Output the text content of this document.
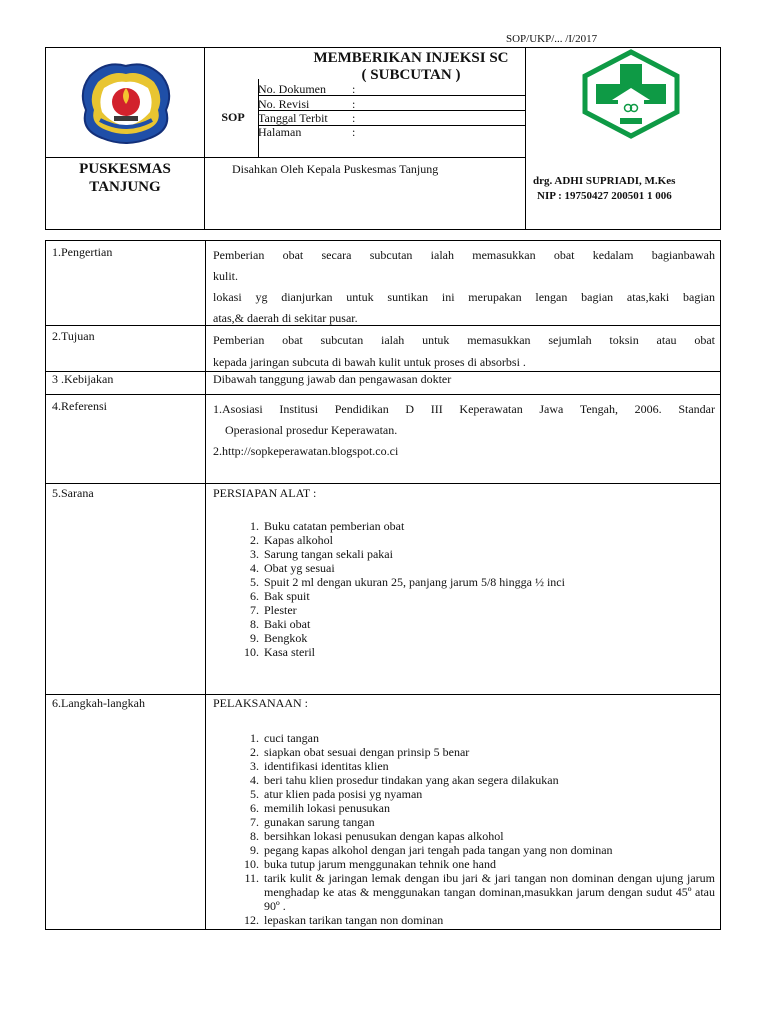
SOP/UKP/... /I/2017
MEMBERIKAN INJEKSI SC
( SUBCUTAN )
SOP
No. Dokumen :
No. Revisi	:
Tanggal Terbit :
Halaman	:
PUSKESMAS
TANJUNG
Disahkan Oleh Kepala Puskesmas Tanjung
drg. ADHI SUPRIADI, M.Kes
NIP : 19750427 200501 1 006
1.Pengertian	Pemberian obat secara subcutan ialah memasukkan obat kedalam bagianbawah
kulit.
lokasi yg dianjurkan untuk suntikan ini merupakan lengan bagian atas,kaki bagian
atas,& daerah di sekitar pusar.
2.Tujuan	Pemberian obat subcutan ialah untuk memasukkan sejumlah toksin atau obat
kepada jaringan subcuta di bawah kulit untuk proses di absorbsi .
3 .Kebijakan	Dibawah tanggung jawab dan pengawasan dokter
4.Referensi	1.Asosiasi Institusi Pendidikan D III Keperawatan Jawa Tengah, 2006. Standar
Operasional prosedur Keperawatan.
2.http://sopkeperawatan.blogspot.co.ci
5.Sarana	PERSIAPAN ALAT :
1. Buku catatan pemberian obat
2. Kapas alkohol
3. Sarung tangan sekali pakai
4. Obat yg sesuai
5. Spuit 2 ml dengan ukuran 25, panjang jarum 5/8 hingga ½ inci
6. Bak spuit
7. Plester
8. Baki obat
9. Bengkok
10. Kasa steril
6.Langkah-langkah	PELAKSANAAN :
1. cuci tangan
2. siapkan obat sesuai dengan prinsip 5 benar
3. identifikasi identitas klien
4. beri tahu klien prosedur tindakan yang akan segera dilakukan
5. atur klien pada posisi yg nyaman
6. memilih lokasi penusukan
7. gunakan sarung tangan
8. bersihkan lokasi penusukan dengan kapas alkohol
9. pegang kapas alkohol dengan jari tengah pada tangan yang non dominan
10. buka tutup jarum menggunakan tehnik one hand
11. tarik kulit & jaringan lemak dengan ibu jari & jari tangan non dominan dengan ujung jarum menghadap ke atas & menggunakan tangan dominan,masukkan jarum dengan sudut 45º atau 90º .
12. lepaskan tarikan tangan non dominan
